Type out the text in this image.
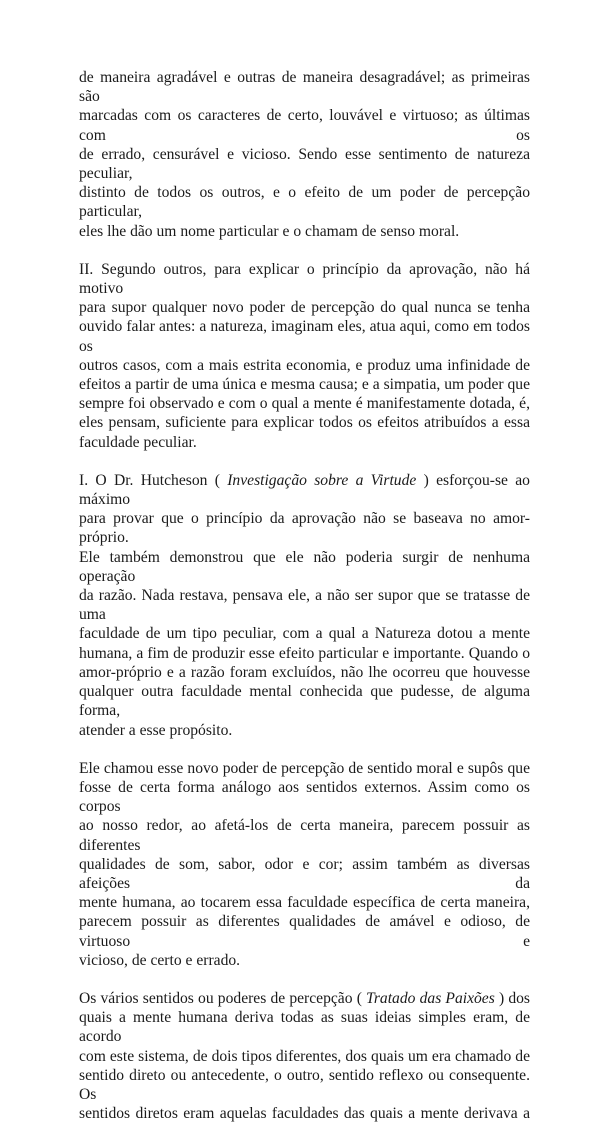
de maneira agradável e outras de maneira desagradável; as primeiras são
marcadas com os caracteres de certo, louvável e virtuoso; as últimas com os
de errado, censurável e vicioso. Sendo esse sentimento de natureza peculiar,
distinto de todos os outros, e o efeito de um poder de percepção particular,
eles lhe dão um nome particular e o chamam de senso moral.

II. Segundo outros, para explicar o princípio da aprovação, não há motivo
para supor qualquer novo poder de percepção do qual nunca se tenha
ouvido falar antes: a natureza, imaginam eles, atua aqui, como em todos os
outros casos, com a mais estrita economia, e produz uma infinidade de
efeitos a partir de uma única e mesma causa; e a simpatia, um poder que
sempre foi observado e com o qual a mente é manifestamente dotada, é,
eles pensam, suficiente para explicar todos os efeitos atribuídos a essa
faculdade peculiar.

I. O Dr. Hutcheson ( Investigação sobre a Virtude ) esforçou-se ao máximo
para provar que o princípio da aprovação não se baseava no amor-próprio.
Ele também demonstrou que ele não poderia surgir de nenhuma operação
da razão. Nada restava, pensava ele, a não ser supor que se tratasse de uma
faculdade de um tipo peculiar, com a qual a Natureza dotou a mente
humana, a fim de produzir esse efeito particular e importante. Quando o
amor-próprio e a razão foram excluídos, não lhe ocorreu que houvesse
qualquer outra faculdade mental conhecida que pudesse, de alguma forma,
atender a esse propósito.

Ele chamou esse novo poder de percepção de sentido moral e supôs que
fosse de certa forma análogo aos sentidos externos. Assim como os corpos
ao nosso redor, ao afetá-los de certa maneira, parecem possuir as diferentes
qualidades de som, sabor, odor e cor; assim também as diversas afeições da
mente humana, ao tocarem essa faculdade específica de certa maneira,
parecem possuir as diferentes qualidades de amável e odioso, de virtuoso e
vicioso, de certo e errado.

Os vários sentidos ou poderes de percepção ( Tratado das Paixões ) dos
quais a mente humana deriva todas as suas ideias simples eram, de acordo
com este sistema, de dois tipos diferentes, dos quais um era chamado de
sentido direto ou antecedente, o outro, sentido reflexo ou consequente. Os
sentidos diretos eram aquelas faculdades das quais a mente derivava a
